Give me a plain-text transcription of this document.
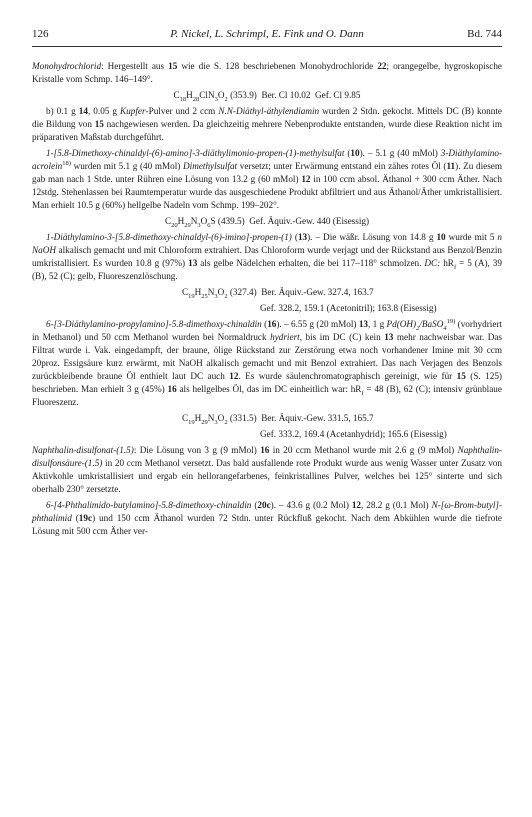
126	P. Nickel, L. Schrimpl, E. Fink und O. Dann	Bd. 744

Monohydrochlorid: Hergestellt aus 15 wie die S. 128 beschriebenen Monohydrochloride 22; orangegelbe, hygroskopische Kristalle vom Schmp. 146–149°.

$C_{18}H_{28}ClN_3O_2$ (353.9)  Ber. Cl 10.02  Gef. Cl 9.85

b) 0.1 g 14, 0.05 g Kupfer-Pulver und 2 ccm N.N-Diäthyl-äthylendiamin wurden 2 Stdn. gekocht. Mittels DC (B) konnte die Bildung von 15 nachgewiesen werden. Da gleichzeitig mehrere Nebenprodukte entstanden, wurde diese Reaktion nicht im präparativen Maßstab durchgeführt.

1-[5.8-Dimethoxy-chinaldyl-(6)-amino]-3-diäthylimonio-propen-(1)-methylsulfat (10). – 5.1 g (40 mMol) 3-Diäthylamino-acrolein$^{18)}$ wurden mit 5.1 g (40 mMol) Dimethylsulfat versetzt; unter Erwärmung entstand ein zähes rotes Öl (11). Zu diesem gab man nach 1 Stde. unter Rühren eine Lösung von 13.2 g (60 mMol) 12 in 100 ccm absol. Äthanol + 300 ccm Äther. Nach 12stdg. Stehenlassen bei Raumtemperatur wurde das ausgeschiedene Produkt abfiltriert und aus Äthanol/Äther umkristallisiert. Man erhielt 10.5 g (60%) hellgelbe Nadeln vom Schmp. 199–202°.

$C_{20}H_{29}N_3O_6S$ (439.5)  Gef. Äquiv.-Gew. 440 (Eisessig)

1-Diäthylamino-3-[5.8-dimethoxy-chinaldyl-(6)-imino]-propen-(1) (13). – Die wäßr. Lösung von 14.8 g 10 wurde mit 5 n NaOH alkalisch gemacht und mit Chloroform extrahiert. Das Chloroform wurde verjagt und der Rückstand aus Benzol/Benzin umkristallisiert. Es wurden 10.8 g (97%) 13 als gelbe Nädelchen erhalten, die bei 117–118° schmolzen. DC: $hR_f = 5$ (A), 39 (B), 52 (C); gelb, Fluoreszenzlöschung.

$C_{19}H_{25}N_3O_2$ (327.4)  Ber. Äquiv.-Gew. 327.4, 163.7

Gef. 328.2, 159.1 (Acetonitril); 163.8 (Eisessig)

6-[3-Diäthylamino-propylamino]-5.8-dimethoxy-chinaldin (16). – 6.55 g (20 mMol) 13, 1 g $Pd(OH)_2/BaSO_4^{19)}$ (vorhydriert in Methanol) und 50 ccm Methanol wurden bei Normaldruck hydriert, bis im DC (C) kein 13 mehr nachweisbar war. Das Filtrat wurde i. Vak. eingedampft, der braune, ölige Rückstand zur Zerstörung etwa noch vorhandener Imine mit 30 ccm 20proz. Essigsäure kurz erwärmt, mit NaOH alkalisch gemacht und mit Benzol extrahiert. Das nach Verjagen des Benzols zurückbleibende braune Öl enthielt laut DC auch 12. Es wurde säulenchromatographisch gereinigt, wie für 15 (S. 125) beschrieben. Man erhielt 3 g (45%) 16 als hellgelbes Öl, das im DC einheitlich war: $hR_f = 48$ (B), 62 (C); intensiv grünblaue Fluoreszenz.

$C_{19}H_{29}N_3O_2$ (331.5)  Ber. Äquiv.-Gew. 331.5, 165.7

Gef. 333.2, 169.4 (Acetanhydrid); 165.6 (Eisessig)

Naphthalin-disulfonat-(1.5): Die Lösung von 3 g (9 mMol) 16 in 20 ccm Methanol wurde mit 2.6 g (9 mMol) Naphthalin-disulfonsäure-(1.5) in 20 ccm Methanol versetzt. Das bald ausfallende rote Produkt wurde aus wenig Wasser unter Zusatz von Aktivkohle umkristallisiert und ergab ein hellorangefarbenes, feinkristallines Pulver, welches bei 125° sinterte und sich oberhalb 230° zersetzte.

6-[4-Phthalimido-butylamino]-5.8-dimethoxy-chinaldin (20c). – 43.6 g (0.2 Mol) 12, 28.2 g (0.1 Mol) N-[ω-Brom-butyl]-phthalimid (19c) und 150 ccm Äthanol wurden 72 Stdn. unter Rückfluß gekocht. Nach dem Abkühlen wurde die tiefrote Lösung mit 500 ccm Äther ver-
